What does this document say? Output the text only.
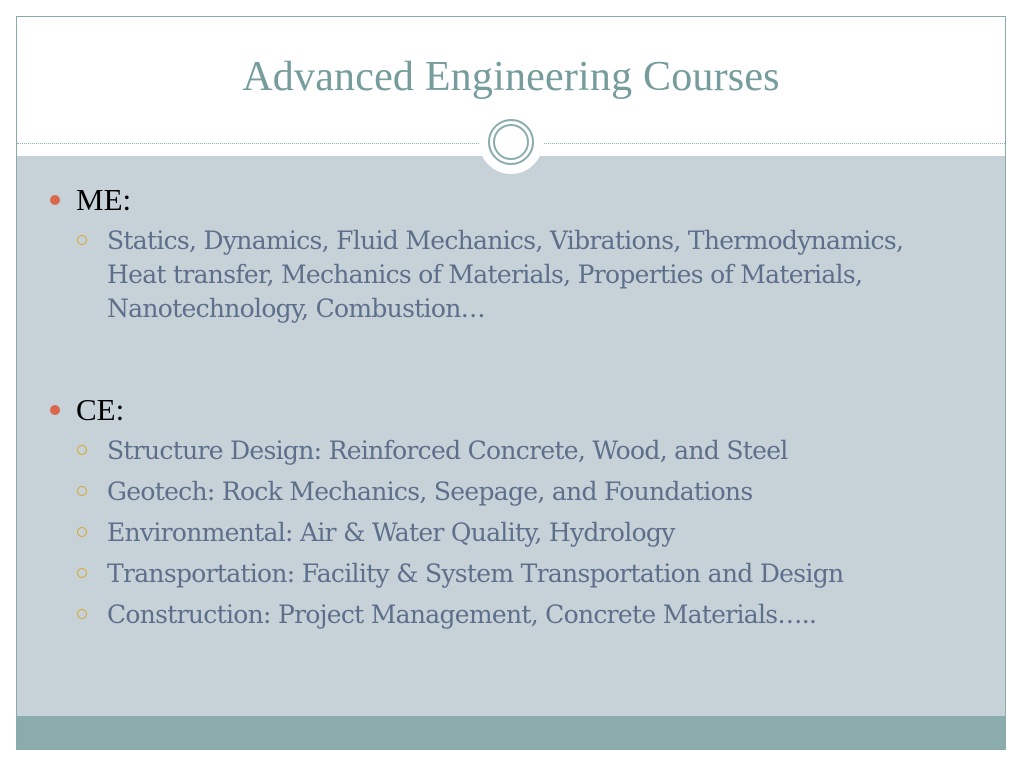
Advanced Engineering Courses
ME:
Statics, Dynamics, Fluid Mechanics, Vibrations, Thermodynamics, Heat transfer, Mechanics of Materials, Properties of Materials, Nanotechnology, Combustion…
CE:
Structure Design: Reinforced Concrete, Wood, and Steel
Geotech: Rock Mechanics, Seepage, and Foundations
Environmental: Air & Water Quality, Hydrology
Transportation: Facility & System Transportation and Design
Construction: Project Management, Concrete Materials…..
